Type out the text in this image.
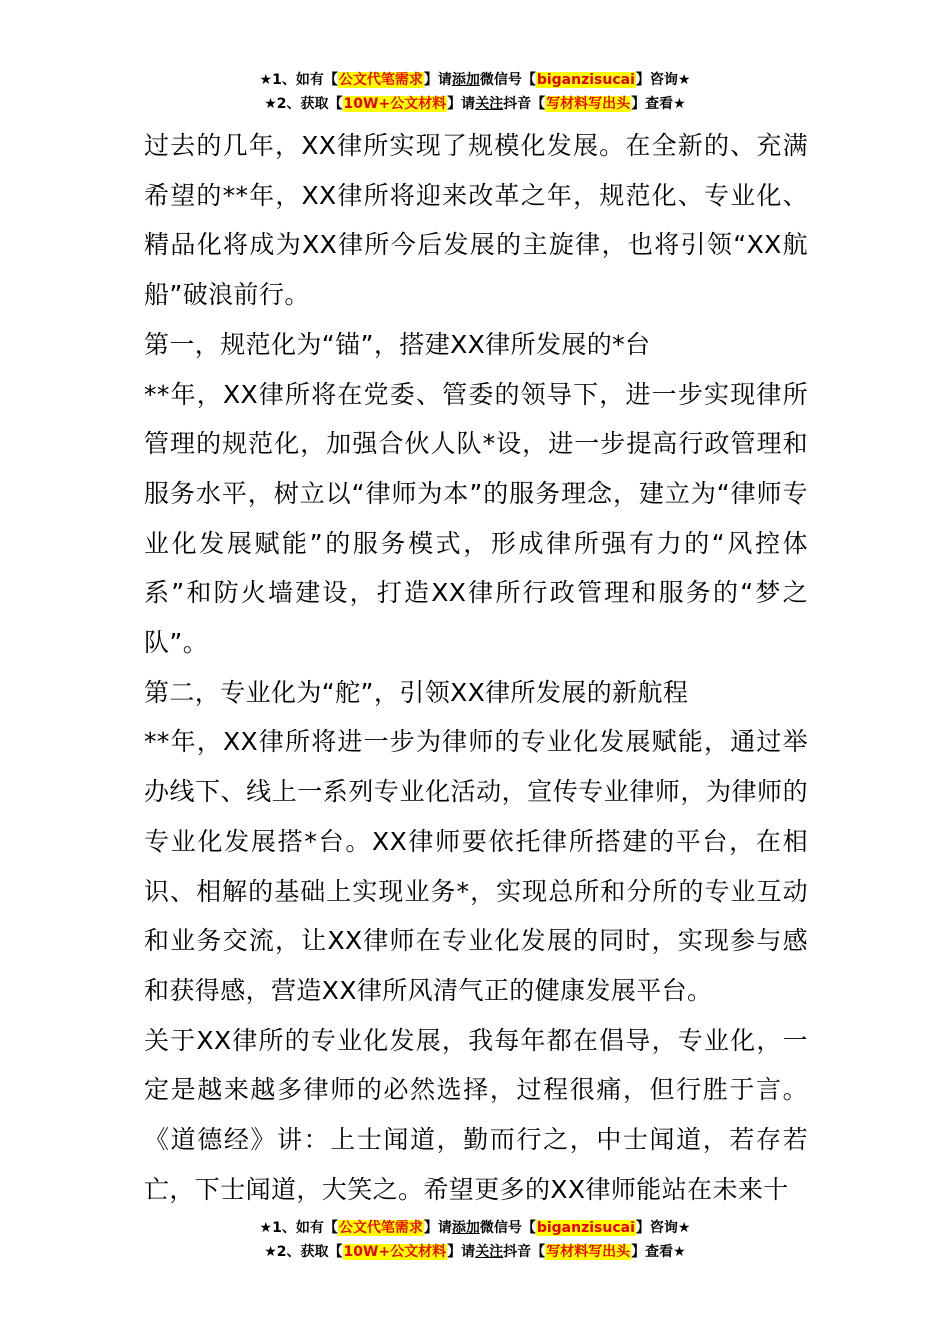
★1、如有【公文代笔需求】请添加微信号【biganzisucai】咨询★
★2、获取【10W+公文材料】请关注抖音【写材料写出头】查看★

过去的几年，XX律所实现了规模化发展。在全新的、充满希望的**年，XX律所将迎来改革之年，规范化、专业化、精品化将成为XX律所今后发展的主旋律，也将引领“XX航船”破浪前行。

第一，规范化为“锚”，搭建XX律所发展的*台

**年，XX律所将在党委、管委的领导下，进一步实现律所管理的规范化，加强合伙人队*设，进一步提高行政管理和服务水平，树立以“律师为本”的服务理念，建立为“律师专业化发展赋能”的服务模式，形成律所强有力的“风控体系”和防火墙建设，打造XX律所行政管理和服务的“梦之队”。

第二，专业化为“舵”，引领XX律所发展的新航程

**年，XX律所将进一步为律师的专业化发展赋能，通过举办线下、线上一系列专业化活动，宣传专业律师，为律师的专业化发展搭*台。XX律师要依托律所搭建的平台，在相识、相解的基础上实现业务*，实现总所和分所的专业互动和业务交流，让XX律师在专业化发展的同时，实现参与感和获得感，营造XX律所风清气正的健康发展平台。

关于XX律所的专业化发展，我每年都在倡导，专业化，一定是越来越多律师的必然选择，过程很痛，但行胜于言。《道德经》讲：上士闻道，勤而行之，中士闻道，若存若亡，下士闻道，大笑之。希望更多的XX律师能站在未来十

★1、如有【公文代笔需求】请添加微信号【biganzisucai】咨询★
★2、获取【10W+公文材料】请关注抖音【写材料写出头】查看★
